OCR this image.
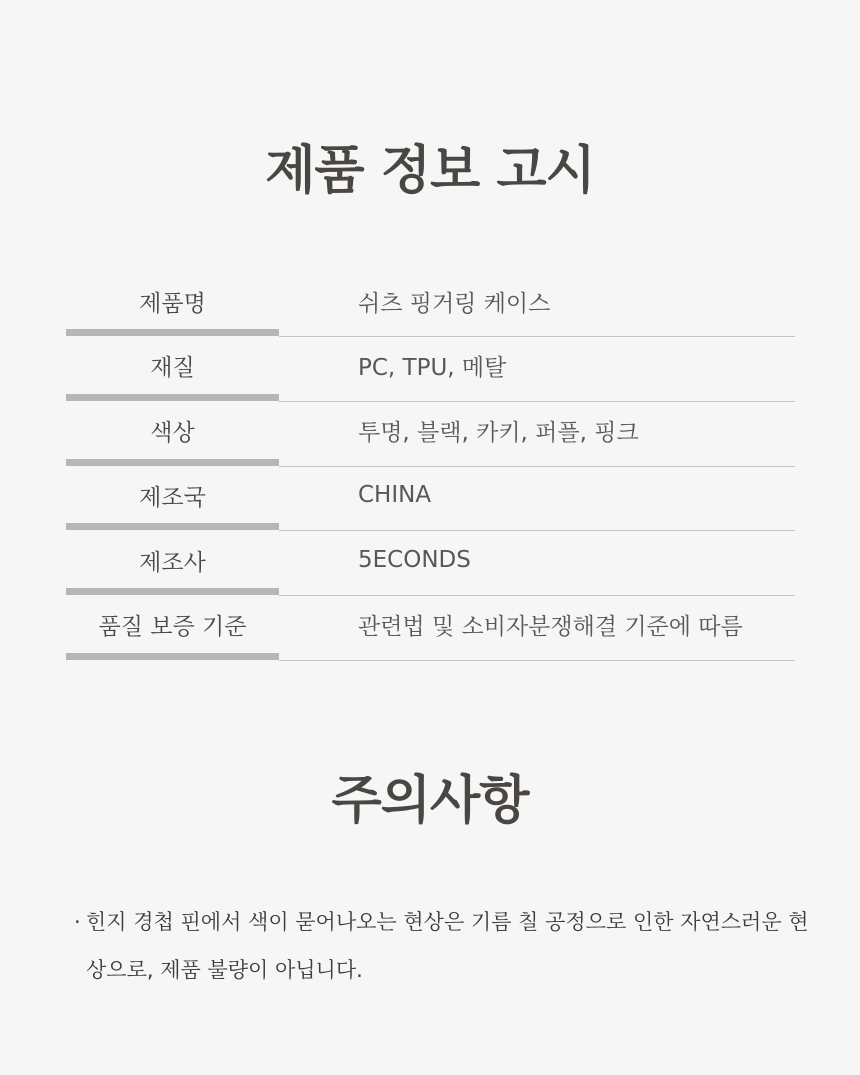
제품 정보 고시
제품명	쉬츠 핑거링 케이스
재질	PC, TPU, 메탈
색상	투명, 블랙, 카키, 퍼플, 핑크
제조국	CHINA
제조사	5ECONDS
품질 보증 기준	관련법 및 소비자분쟁해결 기준에 따름
주의사항
· 힌지 경첩 핀에서 색이 묻어나오는 현상은 기름 칠 공정으로 인한 자연스러운 현상으로, 제품 불량이 아닙니다.
